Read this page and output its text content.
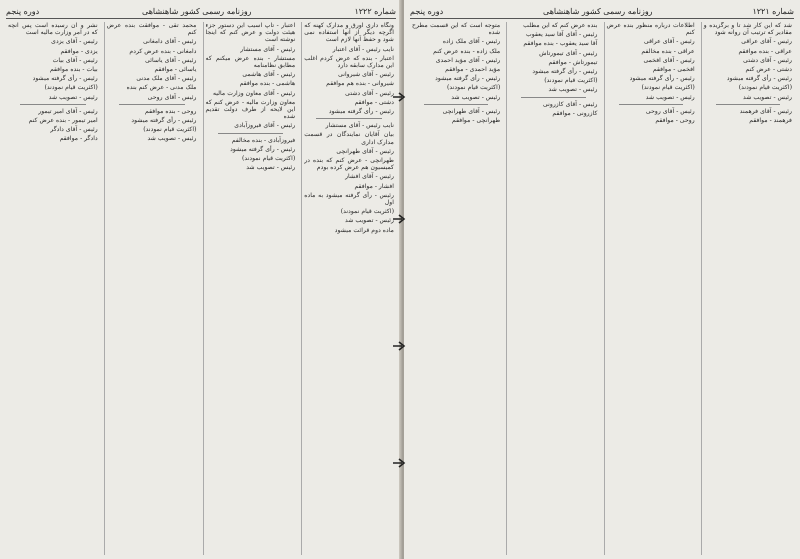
شماره ۱۲۲۲
روزنامه رسمی کشور شاهنشاهی
دوره پنجم

ونگاه داری اورق و مدارک کهنه که اگرچه دیگر از آنها استفاده نمی شود و حفظ آنها لازم است

نایب رئیس - آقای اعتبار

اعتبار - بنده که عرض کردم اغلب این مدارک سابقه دارد

رئیس - آقای شیروانی

شیروانی - بنده هم موافقم

رئیس - آقای دشتی

دشتی - موافقم

رئیس - رأی گرفته میشود

نایب رئیس - آقای مستشار

بیان آقایان نمایندگان در قسمت مدارک اداری

رئیس - آقای طهرانچی

طهرانچی - عرض کنم که بنده در کمیسیون هم عرض کرده بودم

رئیس - آقای افشار

افشار - موافقم

رئیس - رأی گرفته میشود به ماده اول

(اکثریت قیام نمودند)

رئیس - تصویب شد

ماده دوم قرائت میشود

اعتبار - تاپ آسیب این دستور جزء هیئت دولت و عرض کنم که اینجا نوشته است

رئیس - آقای مستشار

مستشار - بنده عرض میکنم که مطابق نظامنامه

رئیس - آقای هاشمی

هاشمی - بنده موافقم

رئیس - آقای معاون وزارت مالیه

معاون وزارت مالیه - عرض کنم که این لایحه از طرف دولت تقدیم شده

رئیس - آقای فیروزآبادی

فیروزآبادی - بنده مخالفم

رئیس - رأی گرفته میشود

(اکثریت قیام نمودند)

رئیس - تصویب شد

محمد تقی - موافقت بنده عرض کنم

رئیس - آقای دامغانی

دامغانی - بنده عرض کردم

رئیس - آقای یاسائی

یاسائی - موافقم

رئیس - آقای ملک مدنی

ملک مدنی - عرض کنم بنده

رئیس - آقای روحی

روحی - بنده موافقم

رئیس - رأی گرفته میشود

(اکثریت قیام نمودند)

رئیس - تصویب شد

نشر و آن رسیده است پس آنچه که در امر وزارت مالیه است

رئیس - آقای یزدی

یزدی - موافقم

رئیس - آقای بیات

بیات - بنده موافقم

رئیس - رأی گرفته میشود

(اکثریت قیام نمودند)

رئیس - تصویب شد

رئیس - آقای امیر تیمور

امیر تیمور - بنده عرض کنم

رئیس - آقای دادگر

دادگر - موافقم

شماره ۱۲۲۱
روزنامه رسمی کشور شاهنشاهی
دوره پنجم

شد که این کار شد تا و برگزیده و مقادیر که ترتیب آن روانه شود

رئیس - آقای عراقی

عراقی - بنده موافقم

رئیس - آقای دشتی

دشتی - عرض کنم

رئیس - رأی گرفته میشود

(اکثریت قیام نمودند)

رئیس - تصویب شد

رئیس - آقای فرهمند

فرهمند - موافقم

اطلاعات درباره منظور بنده عرض کنم

رئیس - آقای عراقی

عراقی - بنده مخالفم

رئیس - آقای افخمی

افخمی - موافقم

رئیس - رأی گرفته میشود

(اکثریت قیام نمودند)

رئیس - تصویب شد

رئیس - آقای روحی

روحی - موافقم

بنده عرض کنم که این مطلب

رئیس - آقای آقا سید یعقوب

آقا سید یعقوب - بنده موافقم

رئیس - آقای تیمورتاش

تیمورتاش - موافقم

رئیس - رأی گرفته میشود

(اکثریت قیام نمودند)

رئیس - تصویب شد

رئیس - آقای کازرونی

کازرونی - موافقم

متوجه است که این قسمت مطرح شده

رئیس - آقای ملک زاده

ملک زاده - بنده عرض کنم

رئیس - آقای مؤید احمدی

مؤید احمدی - موافقم

رئیس - رأی گرفته میشود

(اکثریت قیام نمودند)

رئیس - تصویب شد

رئیس - آقای طهرانچی

طهرانچی - موافقم
